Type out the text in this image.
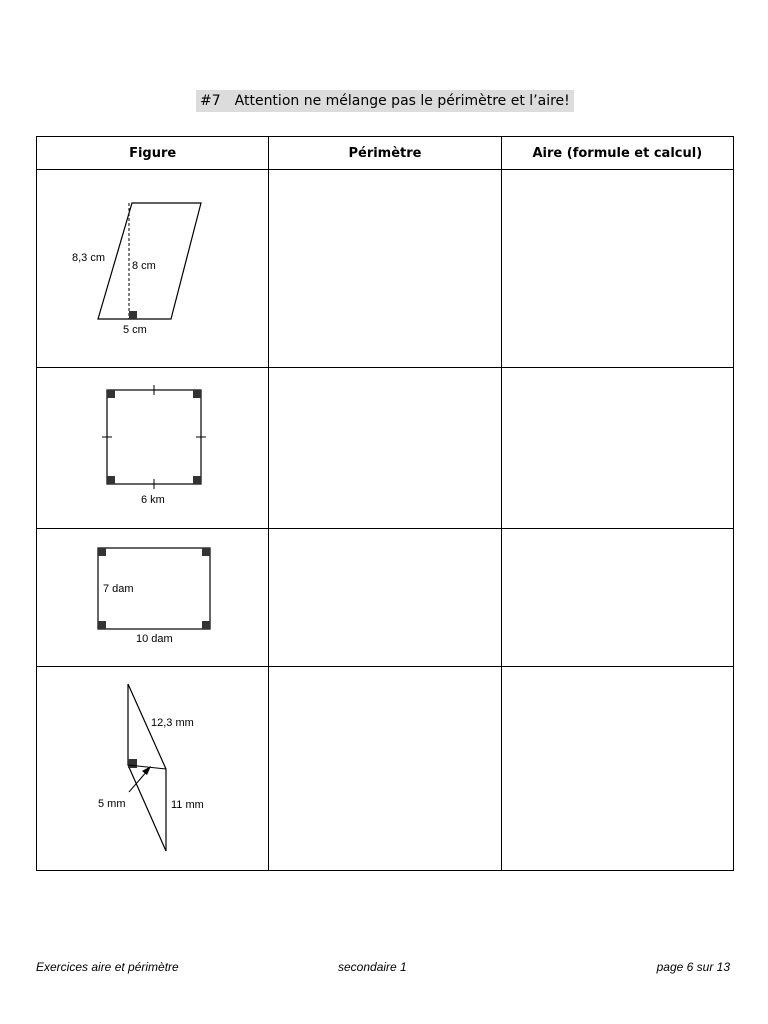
#7 Attention ne mélange pas le périmètre et l’aire!
Figure	Périmètre	Aire (formule et calcul)

8,3 cm
8 cm
5 cm		

6 km		

7 dam
10 dam		

12,3 mm
5 mm 11 mm		

Exercices aire et périmètre	secondaire 1	page 6 sur 13
